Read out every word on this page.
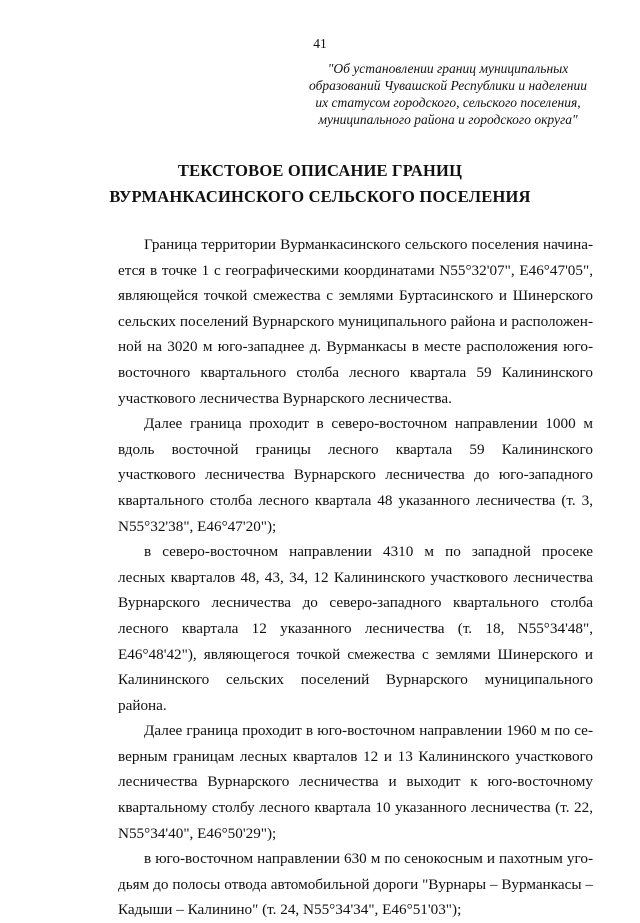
41
"Об установлении границ муниципальных
образований Чувашской Республики и наделении
их статусом городского, сельского поселения,
муниципального района и городского округа"
ТЕКСТОВОЕ ОПИСАНИЕ ГРАНИЦ
ВУРМАНКАСИНСКОГО СЕЛЬСКОГО ПОСЕЛЕНИЯ

Граница территории Вурманкасинского сельского поселения начинается в точке 1 с географическими координатами N55°32'07", E46°47'05", являющейся точкой смежества с землями Буртасинского и Шинерского сельских поселений Вурнарского муниципального района и расположенной на 3020 м юго-западнее д. Вурманкасы в месте расположения юго-восточного квартального столба лесного квартала 59 Калининского участкового лесничества Вурнарского лесничества.

Далее граница проходит в северо-восточном направлении 1000 м вдоль восточной границы лесного квартала 59 Калининского участкового лесничества Вурнарского лесничества до юго-западного квартального столба лесного квартала 48 указанного лесничества (т. 3, N55°32'38", E46°47'20");

в северо-восточном направлении 4310 м по западной просеке лесных кварталов 48, 43, 34, 12 Калининского участкового лесничества Вурнарского лесничества до северо-западного квартального столба лесного квартала 12 указанного лесничества (т. 18, N55°34'48", E46°48'42"), являющегося точкой смежества с землями Шинерского и Калининского сельских поселений Вурнарского муниципального района.

Далее граница проходит в юго-восточном направлении 1960 м по северным границам лесных кварталов 12 и 13 Калининского участкового лесничества Вурнарского лесничества и выходит к юго-восточному квартальному столбу лесного квартала 10 указанного лесничества (т. 22, N55°34'40", E46°50'29");

в юго-восточном направлении 630 м по сенокосным и пахотным угодьям до полосы отвода автомобильной дороги "Вурнары – Вурманкасы – Кадыши – Калинино" (т. 24, N55°34'34", E46°51'03");
